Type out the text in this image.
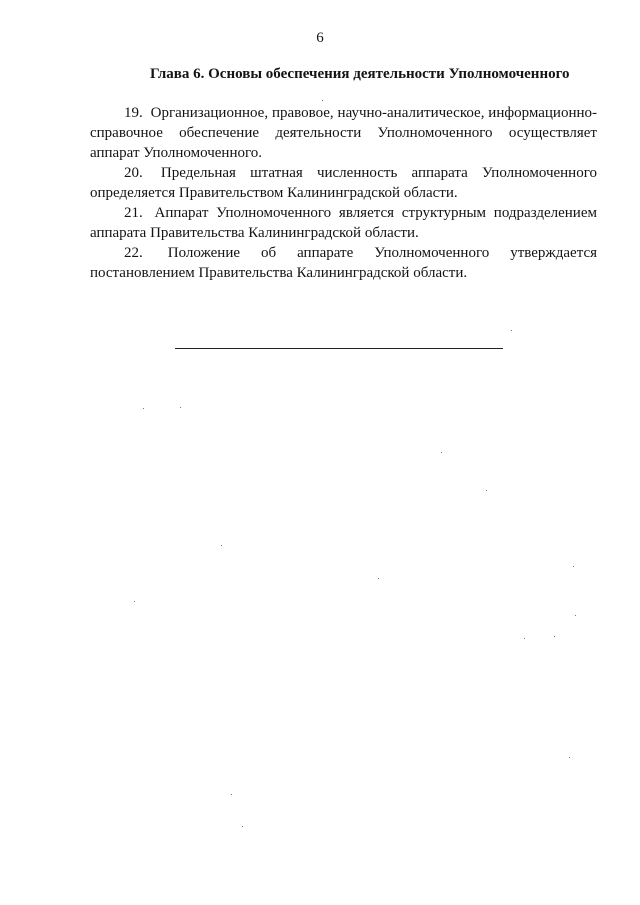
6
Глава 6. Основы обеспечения деятельности Уполномоченного

19. Организационное, правовое, научно-аналитическое, информационно-справочное обеспечение деятельности Уполномоченного осуществляет аппарат Уполномоченного.

20. Предельная штатная численность аппарата Уполномоченного определяется Правительством Калининградской области.

21. Аппарат Уполномоченного является структурным подразделением аппарата Правительства Калининградской области.

22. Положение об аппарате Уполномоченного утверждается постановлением Правительства Калининградской области.
